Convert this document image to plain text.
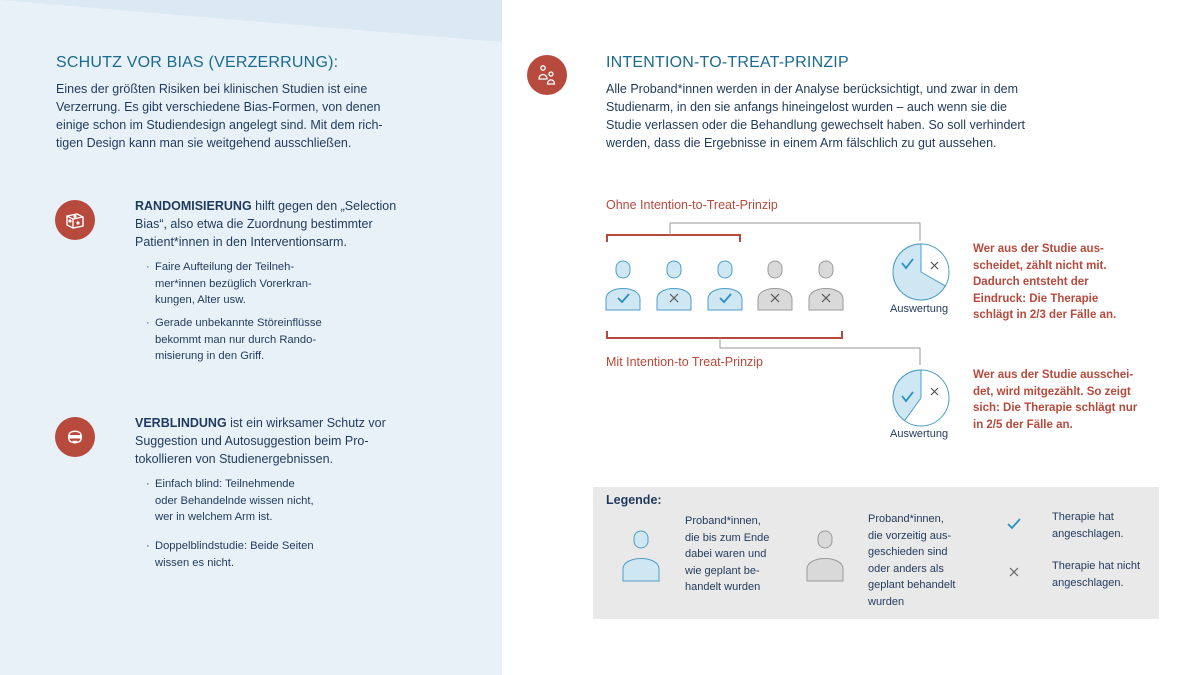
SCHUTZ VOR BIAS (VERZERRUNG):
Eines der größten Risiken bei klinischen Studien ist eine
Verzerrung. Es gibt verschiedene Bias-Formen, von denen
einige schon im Studiendesign angelegt sind. Mit dem rich-
tigen Design kann man sie weitgehend ausschließen.
RANDOMISIERUNG hilft gegen den „Selection
Bias“, also etwa die Zuordnung bestimmter
Patient*innen in den Interventionsarm.
· Faire Aufteilung der Teilneh-
mer*innen bezüglich Vorerkran-
kungen, Alter usw.
· Gerade unbekannte Störeinflüsse
bekommt man nur durch Rando-
misierung in den Griff.
VERBLINDUNG ist ein wirksamer Schutz vor
Suggestion und Autosuggestion beim Pro-
tokollieren von Studienergebnissen.
· Einfach blind: Teilnehmende
oder Behandelnde wissen nicht,
wer in welchem Arm ist.
· Doppelblindstudie: Beide Seiten
wissen es nicht.
INTENTION-TO-TREAT-PRINZIP
Alle Proband*innen werden in der Analyse berücksichtigt, und zwar in dem
Studienarm, in den sie anfangs hineingelost wurden – auch wenn sie die
Studie verlassen oder die Behandlung gewechselt haben. So soll verhindert
werden, dass die Ergebnisse in einem Arm fälschlich zu gut aussehen.
Ohne Intention-to-Treat-Prinzip
Mit Intention-to Treat-Prinzip
Auswertung
Auswertung
Wer aus der Studie aus-
scheidet, zählt nicht mit.
Dadurch entsteht der
Eindruck: Die Therapie
schlägt in 2/3 der Fälle an.
Wer aus der Studie ausschei-
det, wird mitgezählt. So zeigt
sich: Die Therapie schlägt nur
in 2/5 der Fälle an.
Legende:
Proband*innen,
die bis zum Ende
dabei waren und
wie geplant be-
handelt wurden
Proband*innen,
die vorzeitig aus-
geschieden sind
oder anders als
geplant behandelt
wurden
Therapie hat
angeschlagen.
Therapie hat nicht
angeschlagen.
